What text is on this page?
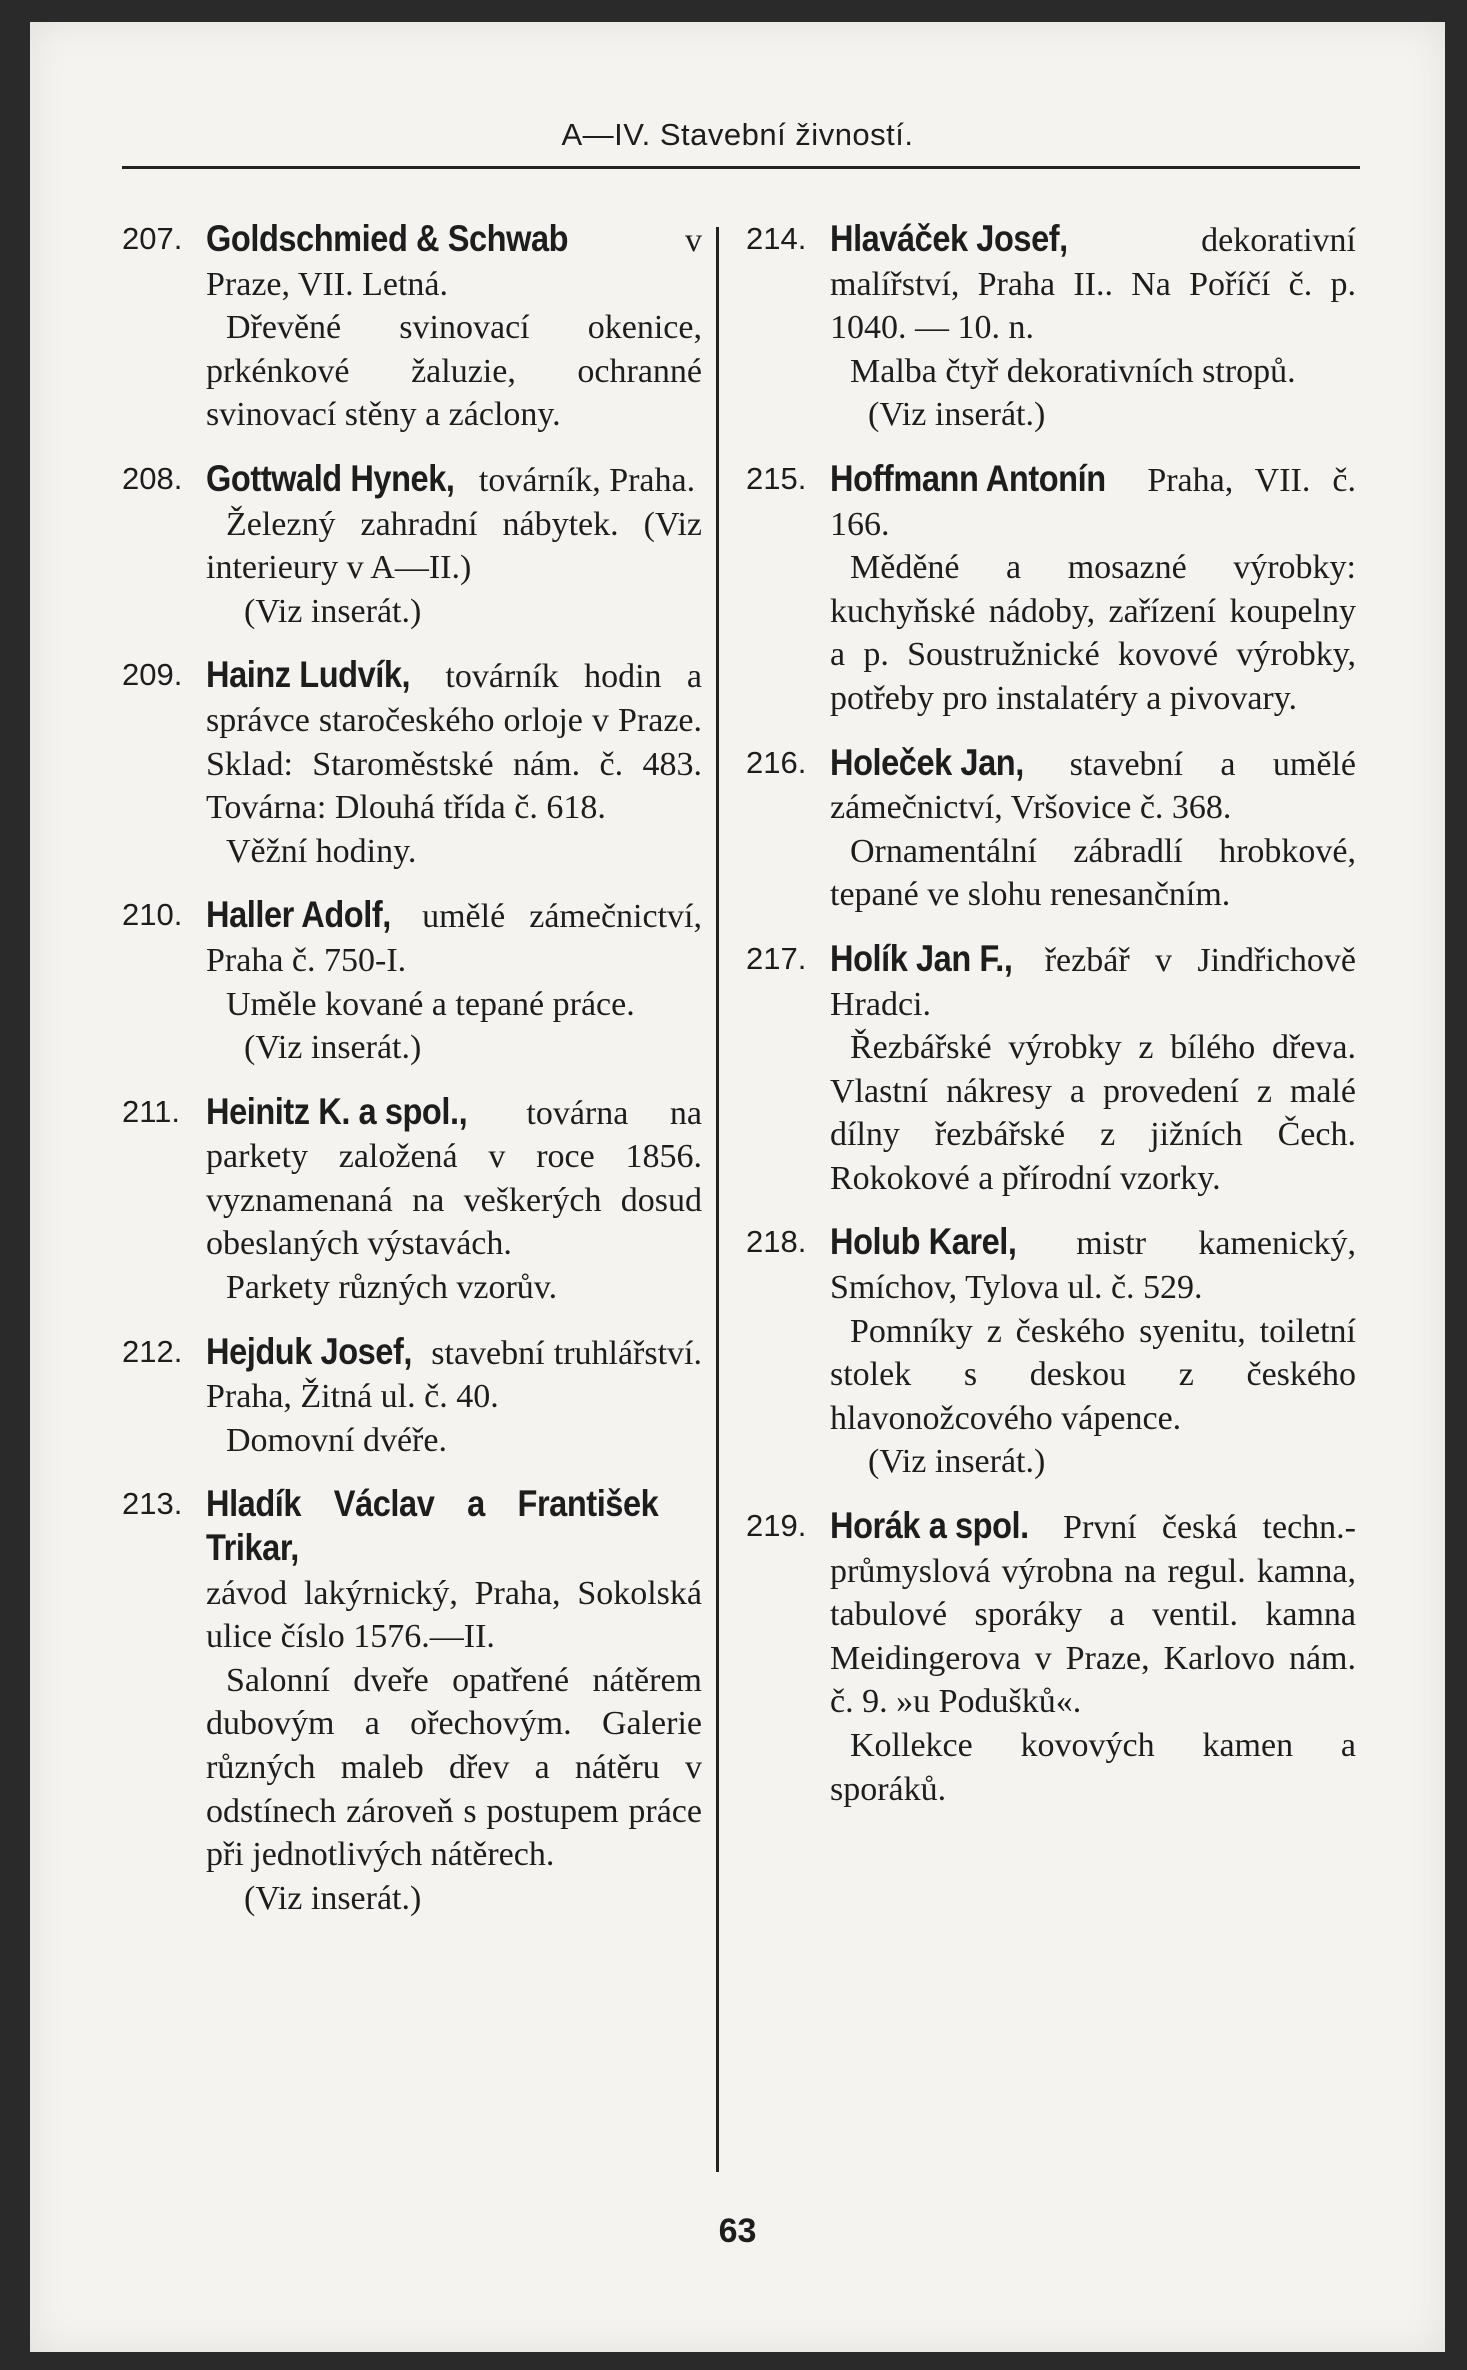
A—IV. Stavební živností.
207. Goldschmied & Schwab	v Praze, VII. Letná.
Dřevěné svinovací okenice, prkénkové žaluzie, ochranné svinovací stěny a záclony.
208. Gottwald Hynek, továrník, Praha.
Železný zahradní nábytek. (Viz interieury v A—II.)
(Viz inserát.)
209. Hainz Ludvík, továrník hodin a správce staročeského orloje v Praze. Sklad: Staroměstské nám. č. 483. Továrna: Dlouhá třída č. 618.
Věžní hodiny.
210. Haller Adolf, umělé zámečnictví, Praha č. 750-I.
Uměle kované a tepané práce.
(Viz inserát.)
211. Heinitz K. a spol., továrna na parkety založená v roce 1856. vyznamenaná na veškerých dosud obeslaných výstavách.
Parkety různých vzorův.
212. Hejduk Josef, stavební truhlářství. Praha, Žitná ul. č. 40.
Domovní dvéře.
213. Hladík Václav a František Trikar, závod lakýrnický, Praha, Sokolská ulice číslo 1576.—II.
Salonní dveře opatřené nátěrem dubovým a ořechovým. Galerie různých maleb dřev a nátěru v odstínech zároveň s postupem práce při jednotlivých nátěrech.
(Viz inserát.)
214. Hlaváček Josef,	dekorativní malířství, Praha II.. Na Poříčí č. p. 1040. — 10. n.
Malba čtyř dekorativních stropů.
(Viz inserát.)
215. Hoffmann Antonín Praha, VII. č. 166.
Měděné a mosazné výrobky: kuchyňské nádoby, zařízení koupelny a p. Soustružnické kovové výrobky, potřeby pro instalatéry a pivovary.
216. Holeček Jan, stavební a umělé zámečnictví, Vršovice č. 368.
Ornamentální zábradlí hrobkové, tepané ve slohu renesančním.
217. Holík Jan F., řezbář v Jindřichově Hradci.
Řezbářské výrobky z bílého dřeva. Vlastní nákresy a provedení z malé dílny řezbářské z jižních Čech. Rokokové a přírodní vzorky.
218. Holub Karel, mistr kamenický, Smíchov, Tylova ul. č. 529.
Pomníky z českého syenitu, toiletní stolek s deskou z českého hlavonožcového vápence.
(Viz inserát.)
219. Horák a spol. První česká techn.-průmyslová výrobna na regul. kamna, tabulové sporáky a ventil. kamna Meidingerova v Praze, Karlovo nám. č. 9. »u Podušků«.
Kollekce kovových kamen a sporáků.
63
